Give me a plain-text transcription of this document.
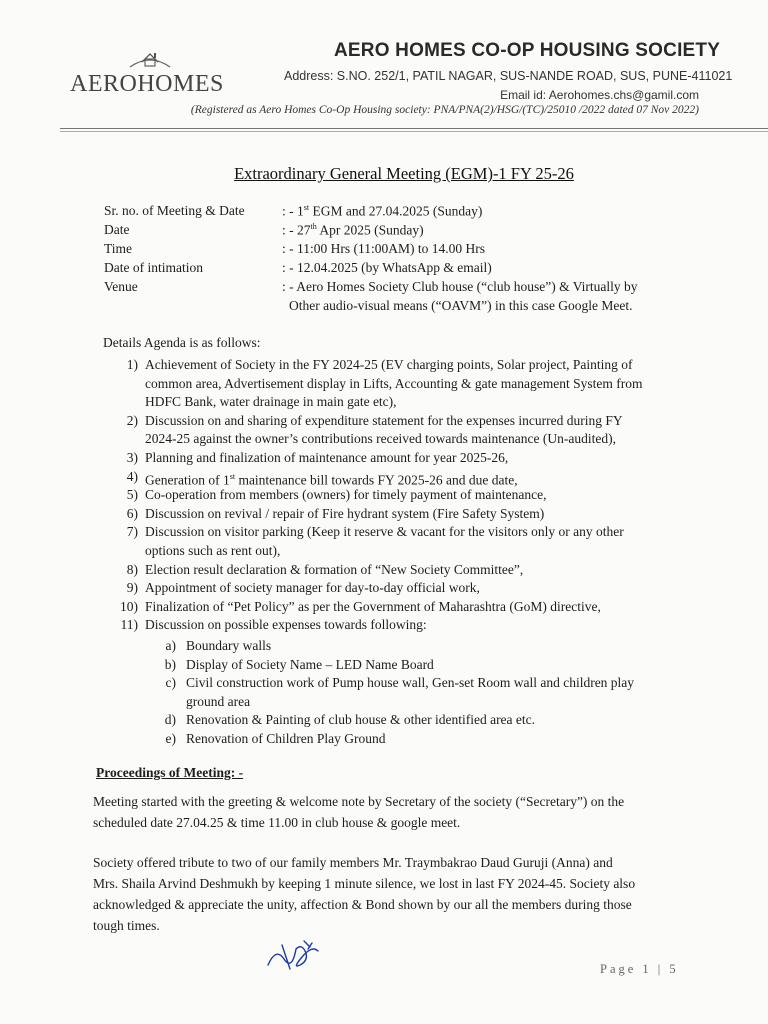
AEROHOMES
AERO HOMES CO-OP HOUSING SOCIETY
Address: S.NO. 252/1, PATIL NAGAR, SUS-NANDE ROAD, SUS, PUNE-411021
Email id: Aerohomes.chs@gamil.com
(Registered as Aero Homes Co-Op Housing society: PNA/PNA(2)/HSG/(TC)/25010 /2022 dated 07 Nov 2022)
Extraordinary General Meeting (EGM)-1 FY 25-26
Sr. no. of Meeting & Date	: - 1st EGM and 27.04.2025 (Sunday)
Date	: - 27th Apr 2025 (Sunday)
Time	: - 11:00 Hrs (11:00AM) to 14.00 Hrs
Date of intimation	: - 12.04.2025 (by WhatsApp & email)
Venue	: - Aero Homes Society Club house (“club house”) & Virtually by
Other audio-visual means (“OAVM”) in this case Google Meet.
Details Agenda is as follows:
1) Achievement of Society in the FY 2024-25 (EV charging points, Solar project, Painting of
common area, Advertisement display in Lifts, Accounting & gate management System from
HDFC Bank, water drainage in main gate etc),
2) Discussion on and sharing of expenditure statement for the expenses incurred during FY
2024-25 against the owner’s contributions received towards maintenance (Un-audited),
3) Planning and finalization of maintenance amount for year 2025-26,
4) Generation of 1st maintenance bill towards FY 2025-26 and due date,
5) Co-operation from members (owners) for timely payment of maintenance,
6) Discussion on revival / repair of Fire hydrant system (Fire Safety System)
7) Discussion on visitor parking (Keep it reserve & vacant for the visitors only or any other
options such as rent out),
8) Election result declaration & formation of “New Society Committee”,
9) Appointment of society manager for day-to-day official work,
10) Finalization of “Pet Policy” as per the Government of Maharashtra (GoM) directive,
11) Discussion on possible expenses towards following:
a) Boundary walls
b) Display of Society Name – LED Name Board
c) Civil construction work of Pump house wall, Gen-set Room wall and children play
ground area
d) Renovation & Painting of club house & other identified area etc.
e) Renovation of Children Play Ground
Proceedings of Meeting: -
Meeting started with the greeting & welcome note by Secretary of the society (“Secretary”) on the
scheduled date 27.04.25 & time 11.00 in club house & google meet.
Society offered tribute to two of our family members Mr. Traymbakrao Daud Guruji (Anna) and
Mrs. Shaila Arvind Deshmukh by keeping 1 minute silence, we lost in last FY 2024-45. Society also
acknowledged & appreciate the unity, affection & Bond shown by our all the members during those
tough times.
Page 1 | 5
